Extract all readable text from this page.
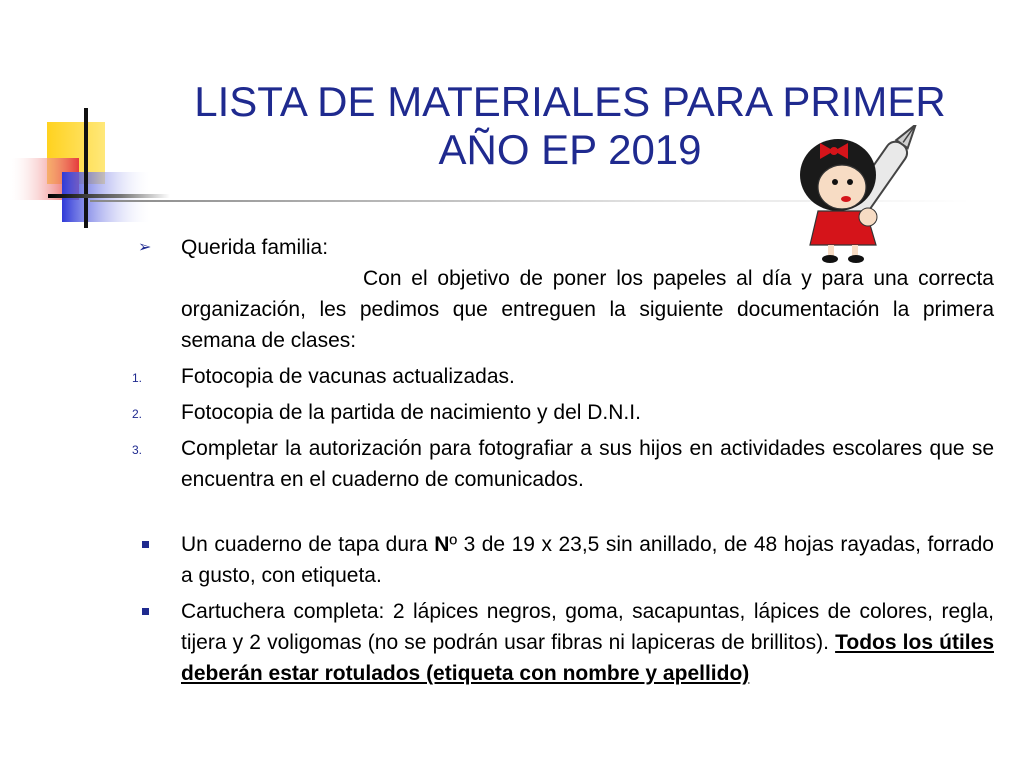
LISTA DE MATERIALES PARA PRIMER
AÑO EP 2019
➢	Querida familia:
Con el objetivo de poner los papeles al día y para una correcta organización, les pedimos que entreguen la siguiente documentación la primera semana de clases:
1.	Fotocopia de vacunas actualizadas.
2.	Fotocopia de la partida de nacimiento y del D.N.I.
3.	Completar la autorización para fotografiar a sus hijos en actividades escolares que se encuentra en el cuaderno de comunicados.
Un cuaderno de tapa dura Nº 3 de 19 x 23,5 sin anillado, de 48 hojas rayadas, forrado a gusto, con etiqueta.
Cartuchera completa: 2 lápices negros, goma, sacapuntas, lápices de colores, regla, tijera y 2 voligomas (no se podrán usar fibras ni lapiceras de brillitos). Todos los útiles deberán estar rotulados (etiqueta con nombre y apellido)
